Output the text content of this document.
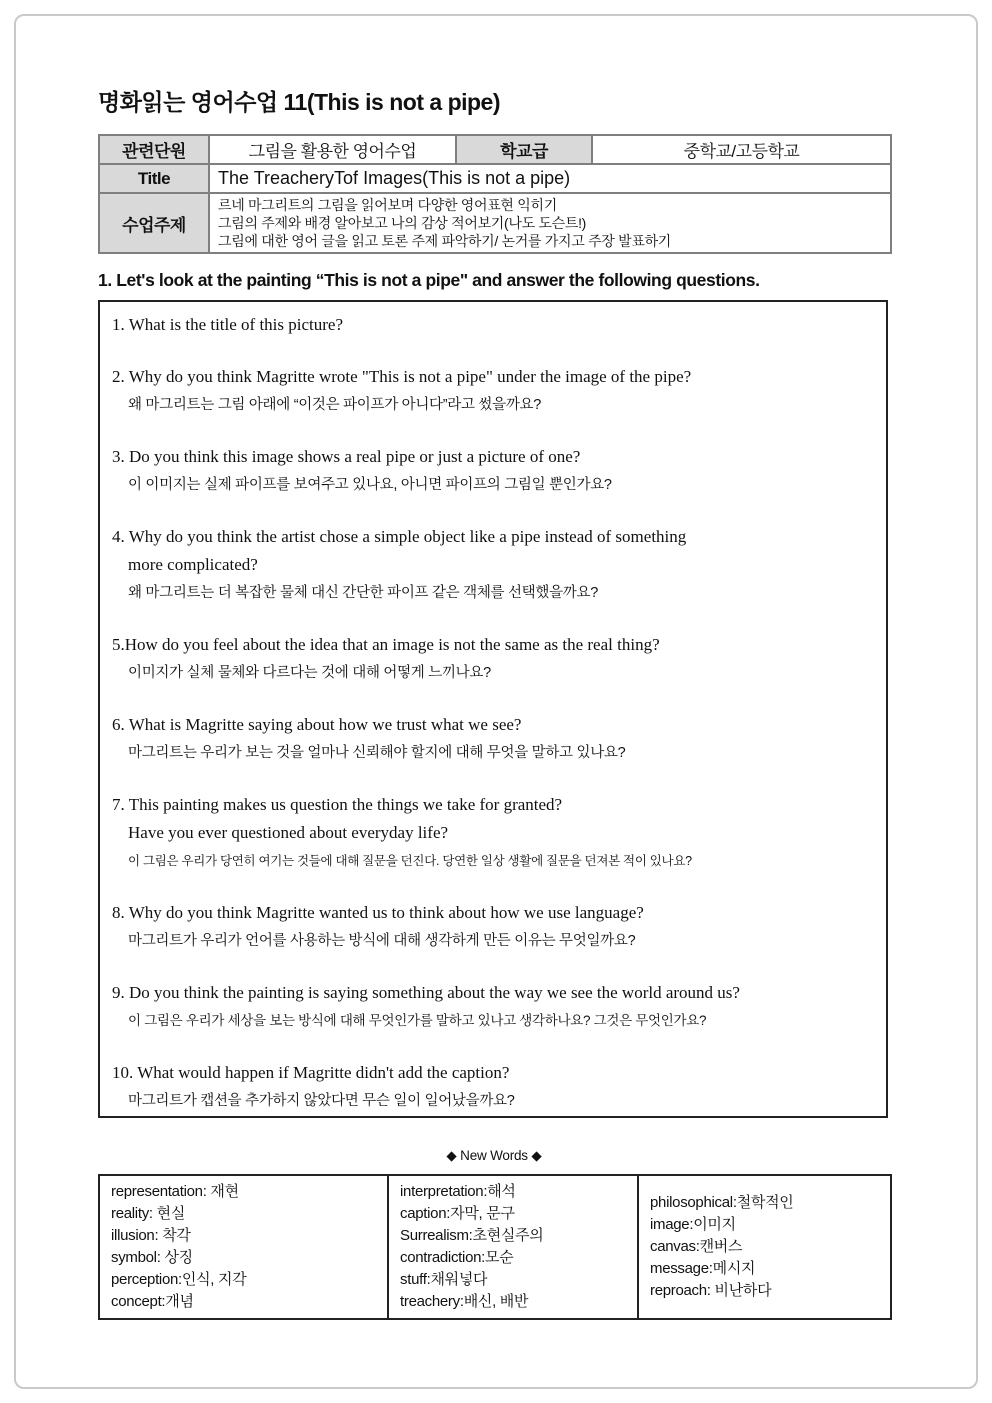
명화읽는 영어수업 11(This is not a pipe)
관련단원	그림을 활용한 영어수업	학교급	중학교/고등학교
Title	The TreacheryTof Images(This is not a pipe)		
수업주제	르네 마그리트의 그림을 읽어보며 다양한 영어표현 익히기
그림의 주제와 배경 알아보고 나의 감상 적어보기(나도 도슨트!)
그림에 대한 영어 글을 읽고 토론 주제 파악하기/ 논거를 가지고 주장 발표하기		
1. Let's look at the painting “This is not a pipe" and answer the following questions.
1. What is the title of this picture?
2. Why do you think Magritte wrote "This is not a pipe" under the image of the pipe?
왜 마그리트는 그림 아래에 “이것은 파이프가 아니다”라고 썼을까요?
3. Do you think this image shows a real pipe or just a picture of one?
이 이미지는 실제 파이프를 보여주고 있나요, 아니면 파이프의 그림일 뿐인가요?
4. Why do you think the artist chose a simple object like a pipe instead of something
more complicated?
왜 마그리트는 더 복잡한 물체 대신 간단한 파이프 같은 객체를 선택했을까요?
5.How do you feel about the idea that an image is not the same as the real thing?
이미지가 실체 물체와 다르다는 것에 대해 어떻게 느끼나요?
6. What is Magritte saying about how we trust what we see?
마그리트는 우리가 보는 것을 얼마나 신뢰해야 할지에 대해 무엇을 말하고 있나요?
7. This painting makes us question the things we take for granted?
Have you ever questioned about everyday life?
이 그림은 우리가 당연히 여기는 것들에 대해 질문을 던진다. 당연한 일상 생활에 질문을 던져본 적이 있나요?
8. Why do you think Magritte wanted us to think about how we use language?
마그리트가 우리가 언어를 사용하는 방식에 대해 생각하게 만든 이유는 무엇일까요?
9. Do you think the painting is saying something about the way we see the world around us?
이 그림은 우리가 세상을 보는 방식에 대해 무엇인가를 말하고 있나고 생각하나요? 그것은 무엇인가요?
10. What would happen if Magritte didn't add the caption?
마그리트가 캡션을 추가하지 않았다면 무슨 일이 일어났을까요?
◆ New Words ◆
representation: 재현
reality: 현실
illusion: 착각
symbol: 상징
perception:인식, 지각
concept:개념

interpretation:해석
caption:자막, 문구
Surrealism:초현실주의
contradiction:모순
stuff:채워넣다
treachery:배신, 배반

philosophical:철학적인
image:이미지
canvas:캔버스
message:메시지
reproach: 비난하다
